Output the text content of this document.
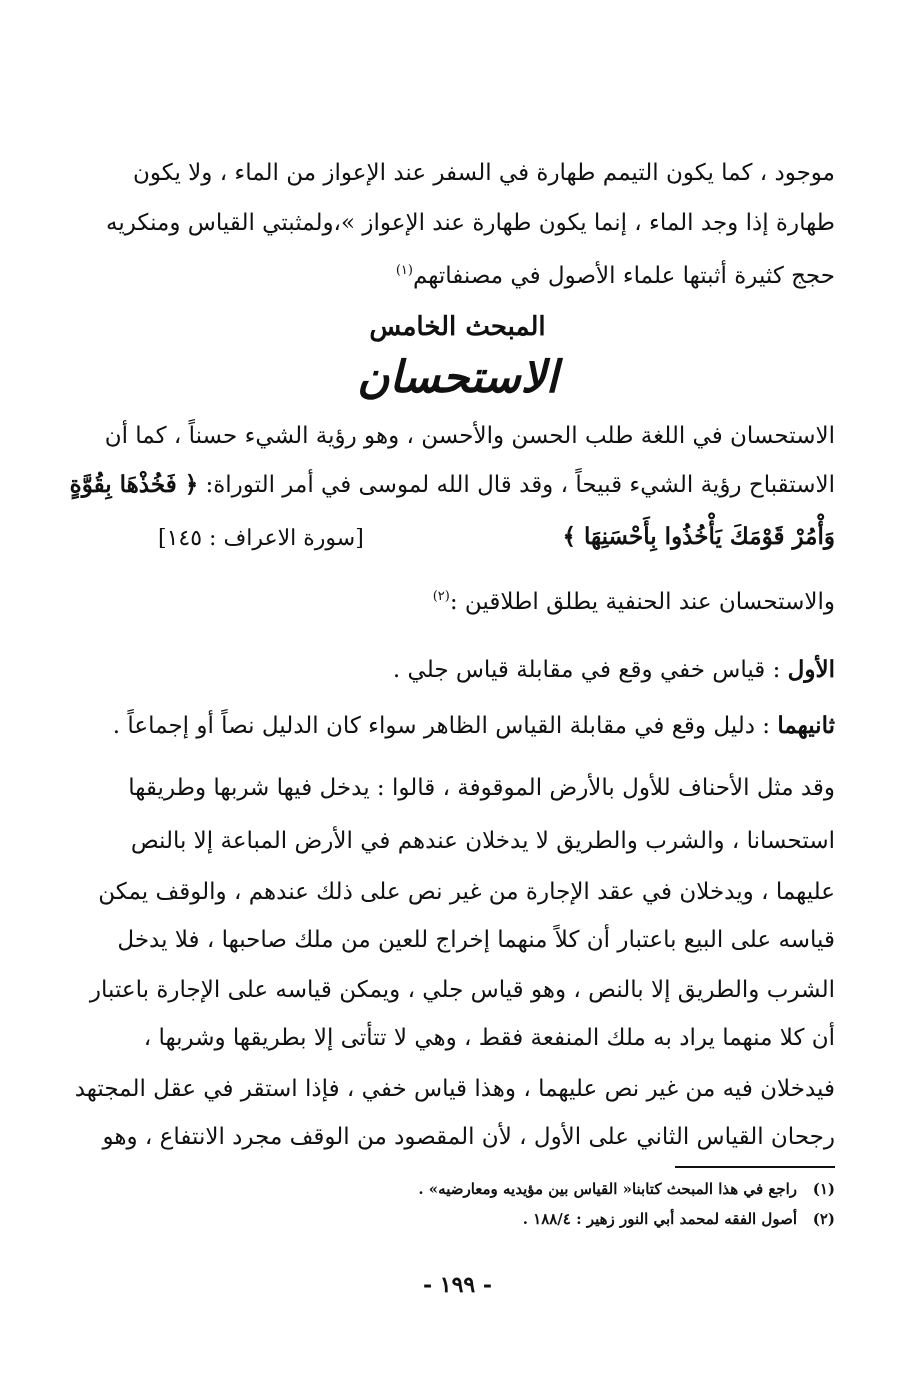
موجود ، كما يكون التيمم طهارة في السفر عند الإعواز من الماء ، ولا يكون
طهارة إذا وجد الماء ، إنما يكون طهارة عند الإعواز »،ولمثبتي القياس ومنكريه
حجج كثيرة أثبتها علماء الأصول في مصنفاتهم$^{(١)}$
المبحث الخامس
الاستحسان
الاستحسان في اللغة طلب الحسن والأحسن ، وهو رؤية الشيء حسناً ، كما أن
الاستقباح رؤية الشيء قبيحاً ، وقد قال الله لموسى في أمر التوراة: ﴿ فَخُذْهَا بِقُوَّةٍ
وَأْمُرْ قَوْمَكَ يَأْخُذُوا بِأَحْسَنِهَا ﴾
[سورة الاعراف : ١٤٥]
والاستحسان عند الحنفية يطلق اطلاقين :$^{(٢)}$
الأول : قياس خفي وقع في مقابلة قياس جلي .
ثانيهما : دليل وقع في مقابلة القياس الظاهر سواء كان الدليل نصاً أو إجماعاً .
وقد مثل الأحناف للأول بالأرض الموقوفة ، قالوا : يدخل فيها شربها وطريقها
استحسانا ، والشرب والطريق لا يدخلان عندهم في الأرض المباعة إلا بالنص
عليهما ، ويدخلان في عقد الإجارة من غير نص على ذلك عندهم ، والوقف يمكن
قياسه على البيع باعتبار أن كلاً منهما إخراج للعين من ملك صاحبها ، فلا يدخل
الشرب والطريق إلا بالنص ، وهو قياس جلي ، ويمكن قياسه على الإجارة باعتبار
أن كلا منهما يراد به ملك المنفعة فقط ، وهي لا تتأتى إلا بطريقها وشربها ،
فيدخلان فيه من غير نص عليهما ، وهذا قياس خفي ، فإذا استقر في عقل المجتهد
رجحان القياس الثاني على الأول ، لأن المقصود من الوقف مجرد الانتفاع ، وهو
(١)راجع في هذا المبحث كتابنا« القياس بين مؤيديه ومعارضيه» .
(٢)أصول الفقه لمحمد أبي النور زهير : ١٨٨/٤ .
- ١٩٩ -
